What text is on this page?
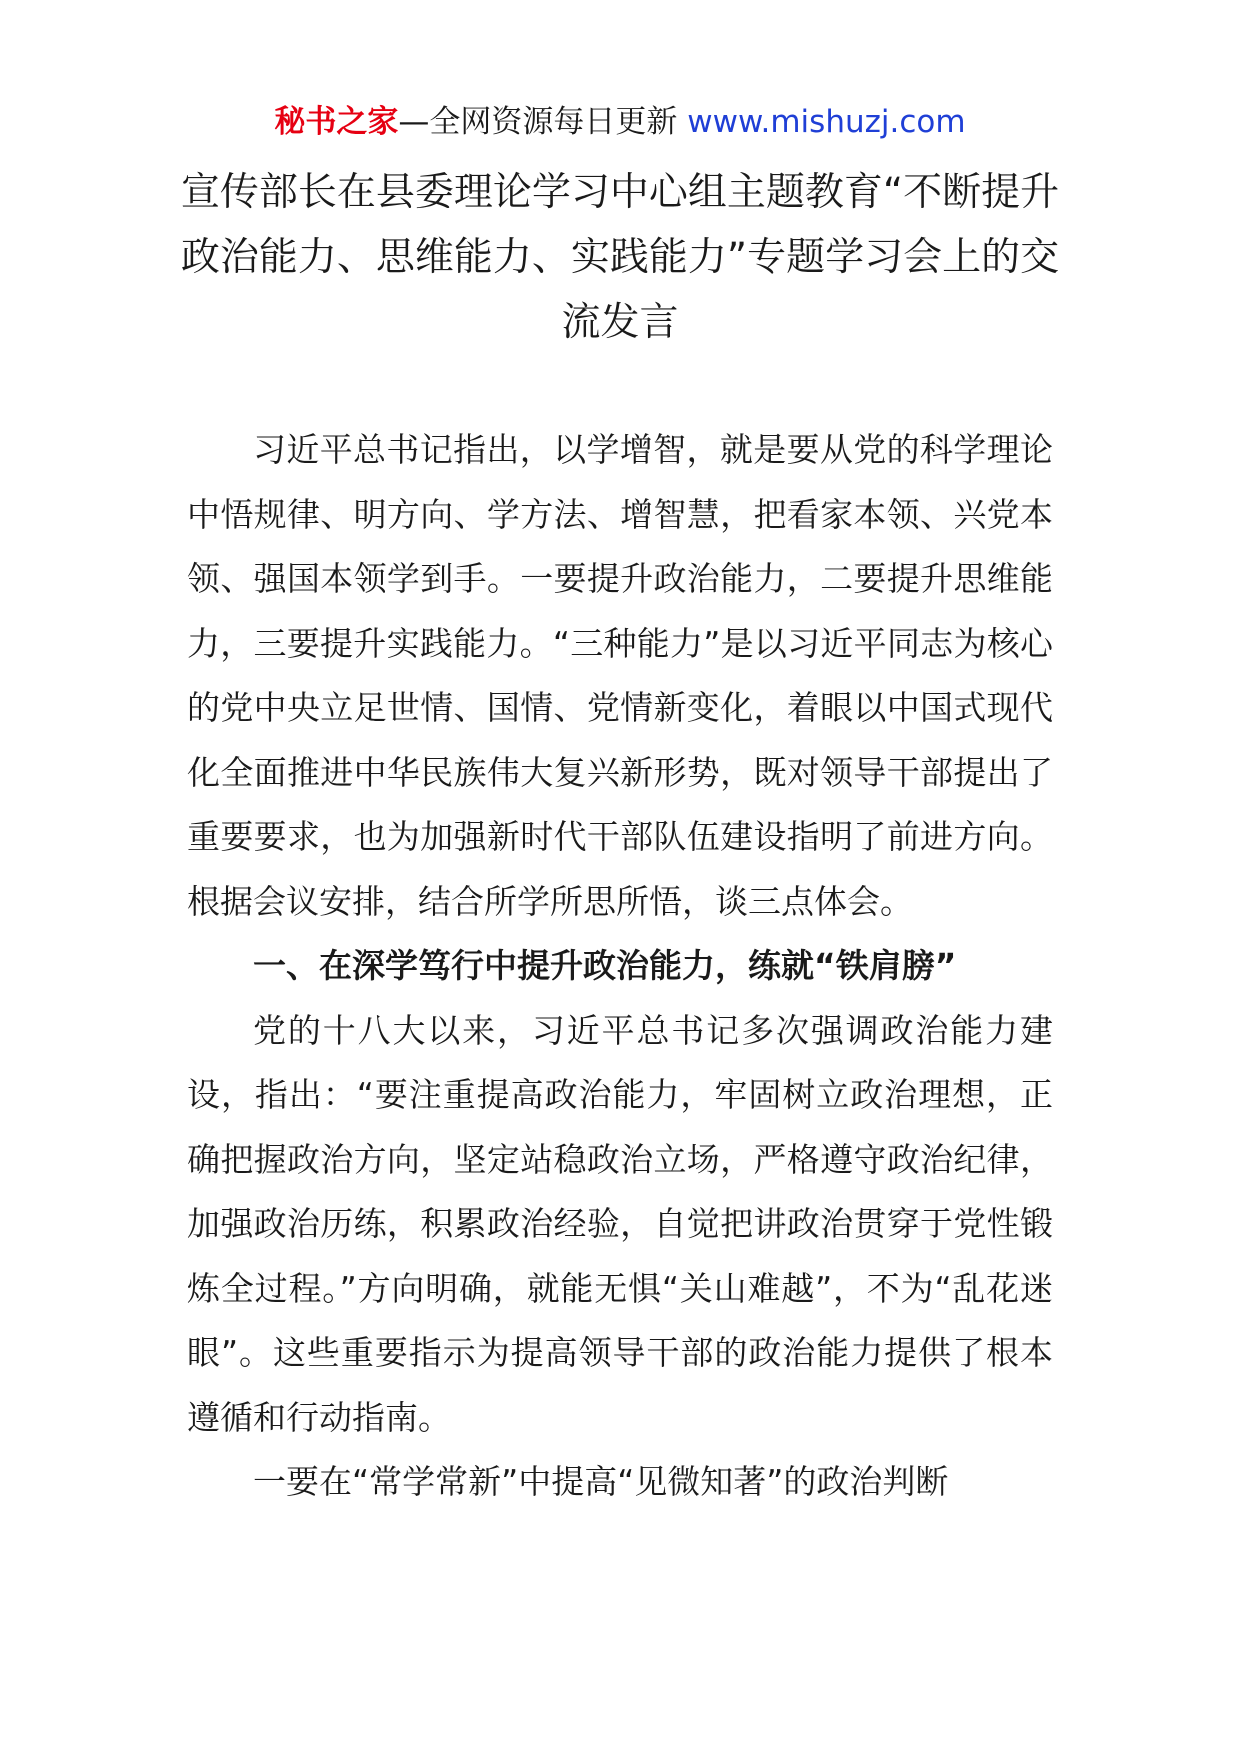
秘书之家—全网资源每日更新 www.mishuzj.com
宣传部长在县委理论学习中心组主题教育“不断提升政治能力、思维能力、实践能力”专题学习会上的交流发言

习近平总书记指出，以学增智，就是要从党的科学理论中悟规律、明方向、学方法、增智慧，把看家本领、兴党本领、强国本领学到手。一要提升政治能力，二要提升思维能力，三要提升实践能力。“三种能力”是以习近平同志为核心的党中央立足世情、国情、党情新变化，着眼以中国式现代化全面推进中华民族伟大复兴新形势，既对领导干部提出了重要要求，也为加强新时代干部队伍建设指明了前进方向。根据会议安排，结合所学所思所悟，谈三点体会。

一、在深学笃行中提升政治能力，练就“铁肩膀”

党的十八大以来，习近平总书记多次强调政治能力建设，指出：“要注重提高政治能力，牢固树立政治理想，正确把握政治方向，坚定站稳政治立场，严格遵守政治纪律，加强政治历练，积累政治经验，自觉把讲政治贯穿于党性锻炼全过程。”方向明确，就能无惧“关山难越”，不为“乱花迷眼”。这些重要指示为提高领导干部的政治能力提供了根本遵循和行动指南。

一要在“常学常新”中提高“见微知著”的政治判断
